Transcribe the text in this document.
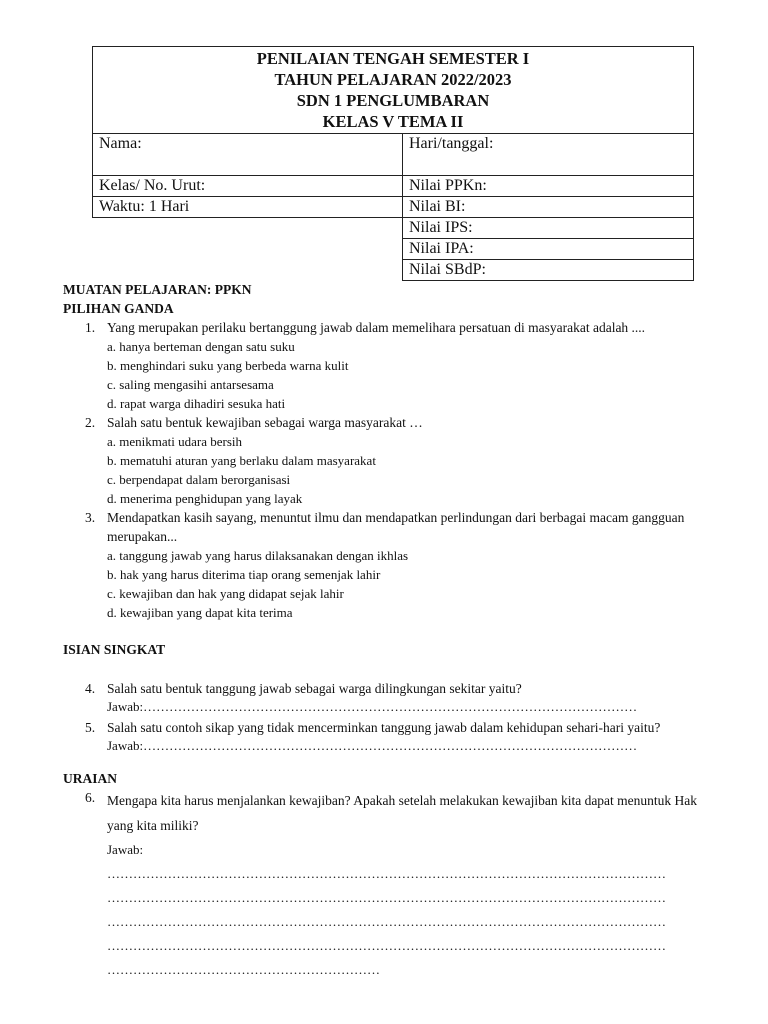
PENILAIAN TENGAH SEMESTER I
TAHUN PELAJARAN 2022/2023
SDN 1 PENGLUMBARAN
KELAS V TEMA II	

Nama:	Hari/tanggal:
Kelas/ No. Urut:	Nilai PPKn:
Waktu: 1 Hari	Nilai BI:
	Nilai IPS:
	Nilai IPA:
	Nilai SBdP:

MUATAN PELAJARAN: PPKN

PILIHAN GANDA

1. Yang merupakan perilaku bertanggung jawab dalam memelihara persatuan di masyarakat adalah ....
a. hanya berteman dengan satu suku
b. menghindari suku yang berbeda warna kulit
c. saling mengasihi antarsesama
d. rapat warga dihadiri sesuka hati
2. Salah satu bentuk kewajiban sebagai warga masyarakat …
a. menikmati udara bersih
b. mematuhi aturan yang berlaku dalam masyarakat
c. berpendapat dalam berorganisasi
d. menerima penghidupan yang layak
3. Mendapatkan kasih sayang, menuntut ilmu dan mendapatkan perlindungan dari berbagai macam gangguan merupakan...
a. tanggung jawab yang harus dilaksanakan dengan ikhlas
b. hak yang harus diterima tiap orang semenjak lahir
c. kewajiban dan hak yang didapat sejak lahir
d. kewajiban yang dapat kita terima

ISIAN SINGKAT

4. Salah satu bentuk tanggung jawab sebagai warga dilingkungan sekitar yaitu?
Jawab:……………………………………………………………………………………………………
5. Salah satu contoh sikap yang tidak mencerminkan tanggung jawab dalam kehidupan sehari-hari yaitu?
Jawab:……………………………………………………………………………………………………

URAIAN

6. Mengapa kita harus menjalankan kewajiban? Apakah setelah melakukan kewajiban kita dapat menuntuk Hak
yang kita miliki?
Jawab:
…………………………………………………………………………………………………………………
…………………………………………………………………………………………………………………
…………………………………………………………………………………………………………………
…………………………………………………………………………………………………………………
………………………………………………………
